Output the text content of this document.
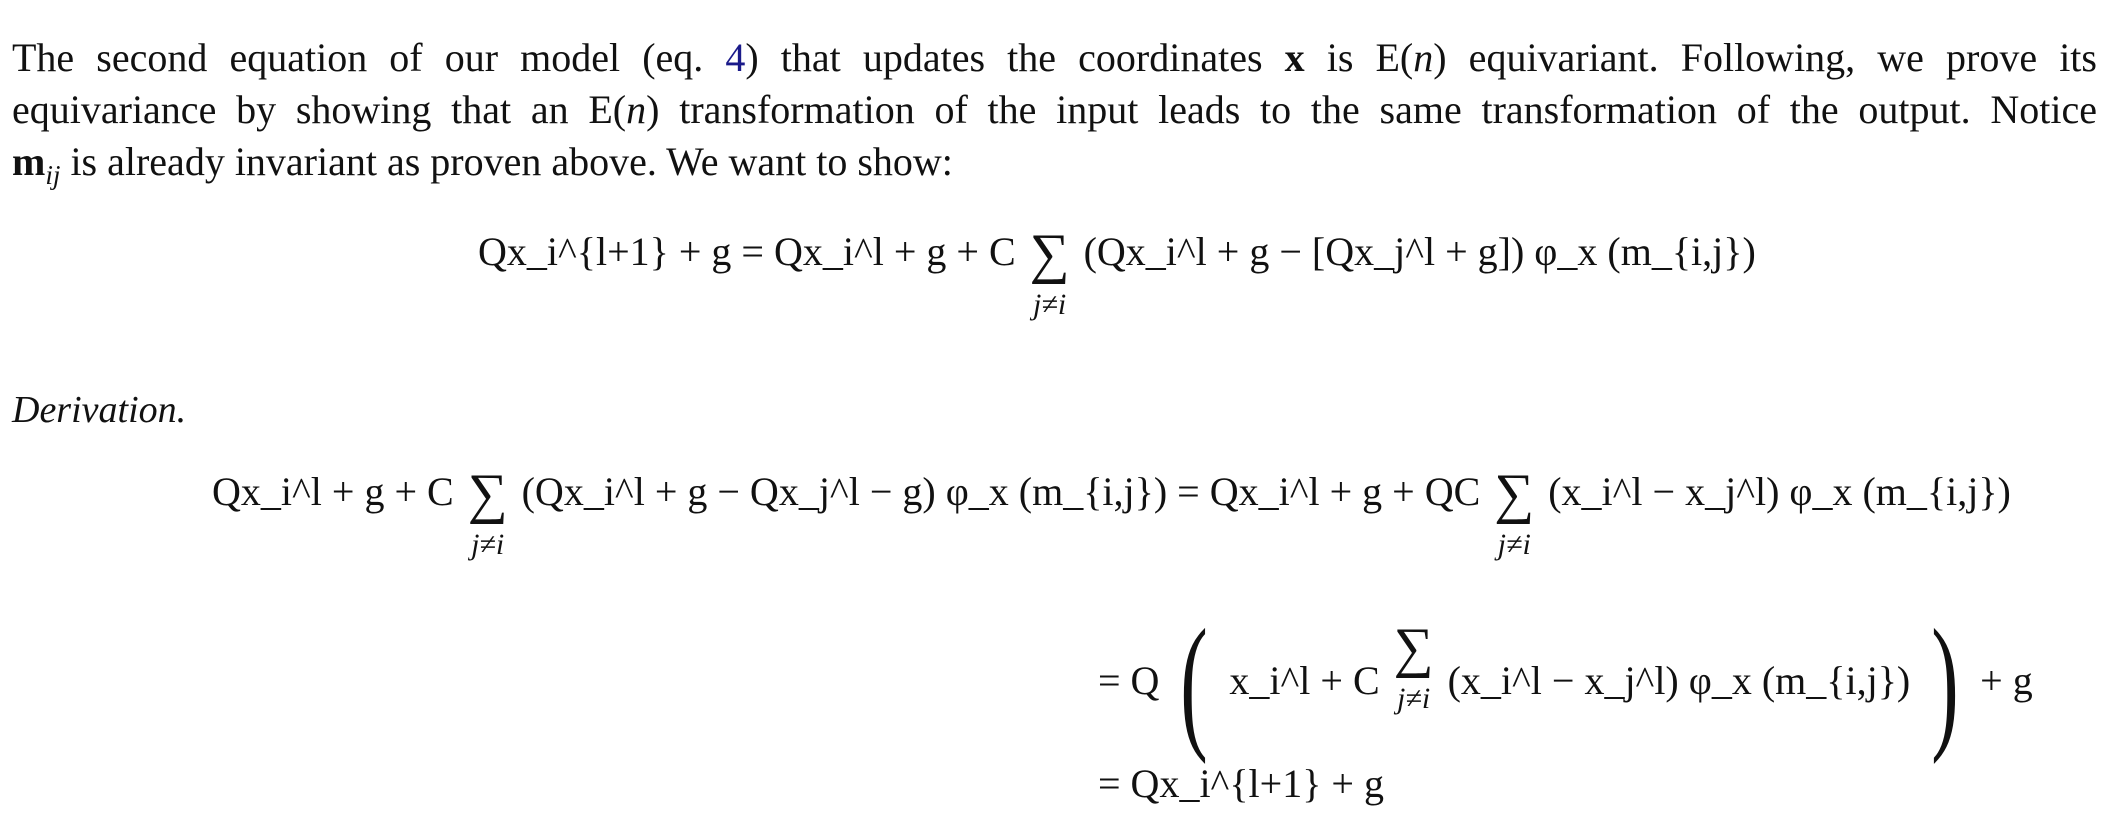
The second equation of our model (eq. 4) that updates the coordinates x is E(n) equivariant. Following, we prove its
equivariance by showing that an E(n) transformation of the input leads to the same transformation of the output. Notice
$m_{ij}$ is already invariant as proven above. We want to show:
Qx_i^{l+1} + g = Qx_i^l + g + C ∑
j≠i
(Qx_i^l + g − [Qx_j^l + g]) φ_x (m_{i,j})
Derivation.
Qx_i^l + g + C ∑
j≠i
(Qx_i^l + g − Qx_j^l − g) φ_x (m_{i,j}) = Qx_i^l + g + QC ∑
j≠i
(x_i^l − x_j^l) φ_x (m_{i,j})
= Q ( x_i^l + C
∑
j≠i (x_i^l − x_j^l) φ_x (m_{i,j}) ) + g
= Qx_i^{l+1} + g
